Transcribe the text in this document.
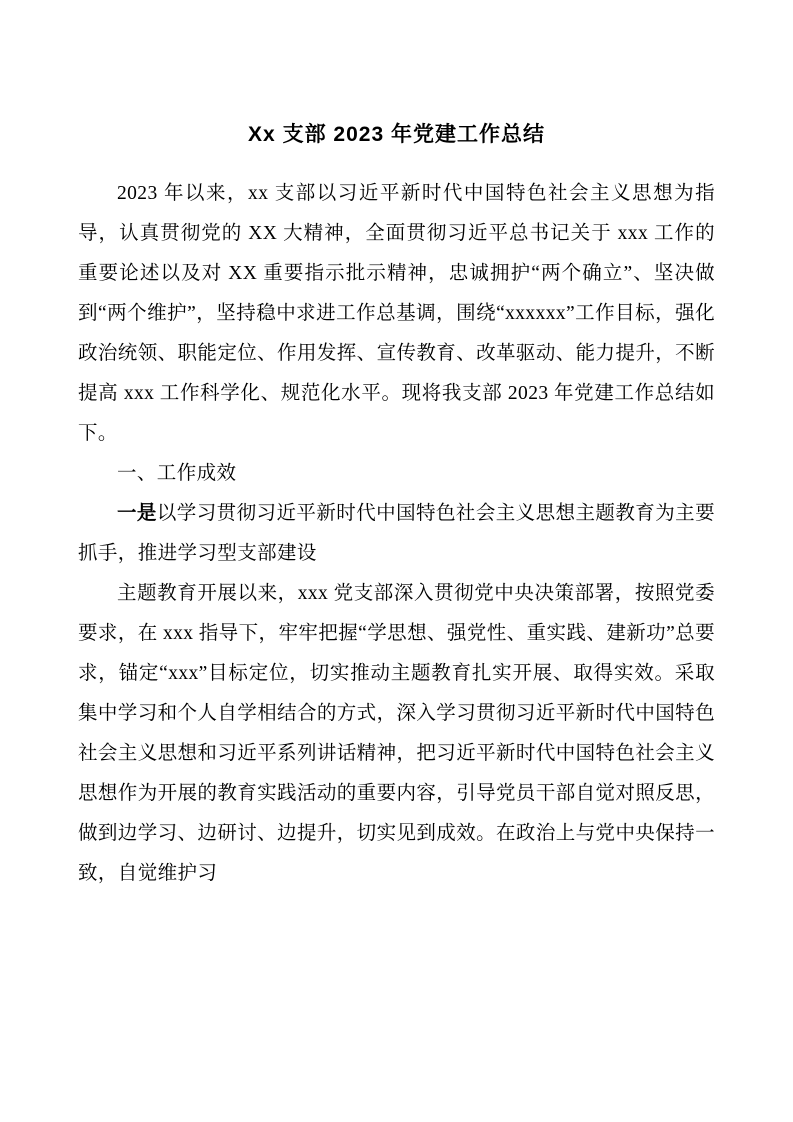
Xx 支部 2023 年党建工作总结

2023 年以来，xx 支部以习近平新时代中国特色社会主义思想为指导，认真贯彻党的 XX 大精神，全面贯彻习近平总书记关于 xxx 工作的重要论述以及对 XX 重要指示批示精神，忠诚拥护“两个确立”、坚决做到“两个维护”，坚持稳中求进工作总基调，围绕“xxxxxx”工作目标，强化政治统领、职能定位、作用发挥、宣传教育、改革驱动、能力提升，不断提高 xxx 工作科学化、规范化水平。现将我支部 2023 年党建工作总结如下。

一、工作成效

一是以学习贯彻习近平新时代中国特色社会主义思想主题教育为主要抓手，推进学习型支部建设

主题教育开展以来，xxx 党支部深入贯彻党中央决策部署，按照党委要求，在 xxx 指导下，牢牢把握“学思想、强党性、重实践、建新功”总要求，锚定“xxx”目标定位，切实推动主题教育扎实开展、取得实效。采取集中学习和个人自学相结合的方式，深入学习贯彻习近平新时代中国特色社会主义思想和习近平系列讲话精神，把习近平新时代中国特色社会主义思想作为开展的教育实践活动的重要内容，引导党员干部自觉对照反思，做到边学习、边研讨、边提升，切实见到成效。在政治上与党中央保持一致，自觉维护习
